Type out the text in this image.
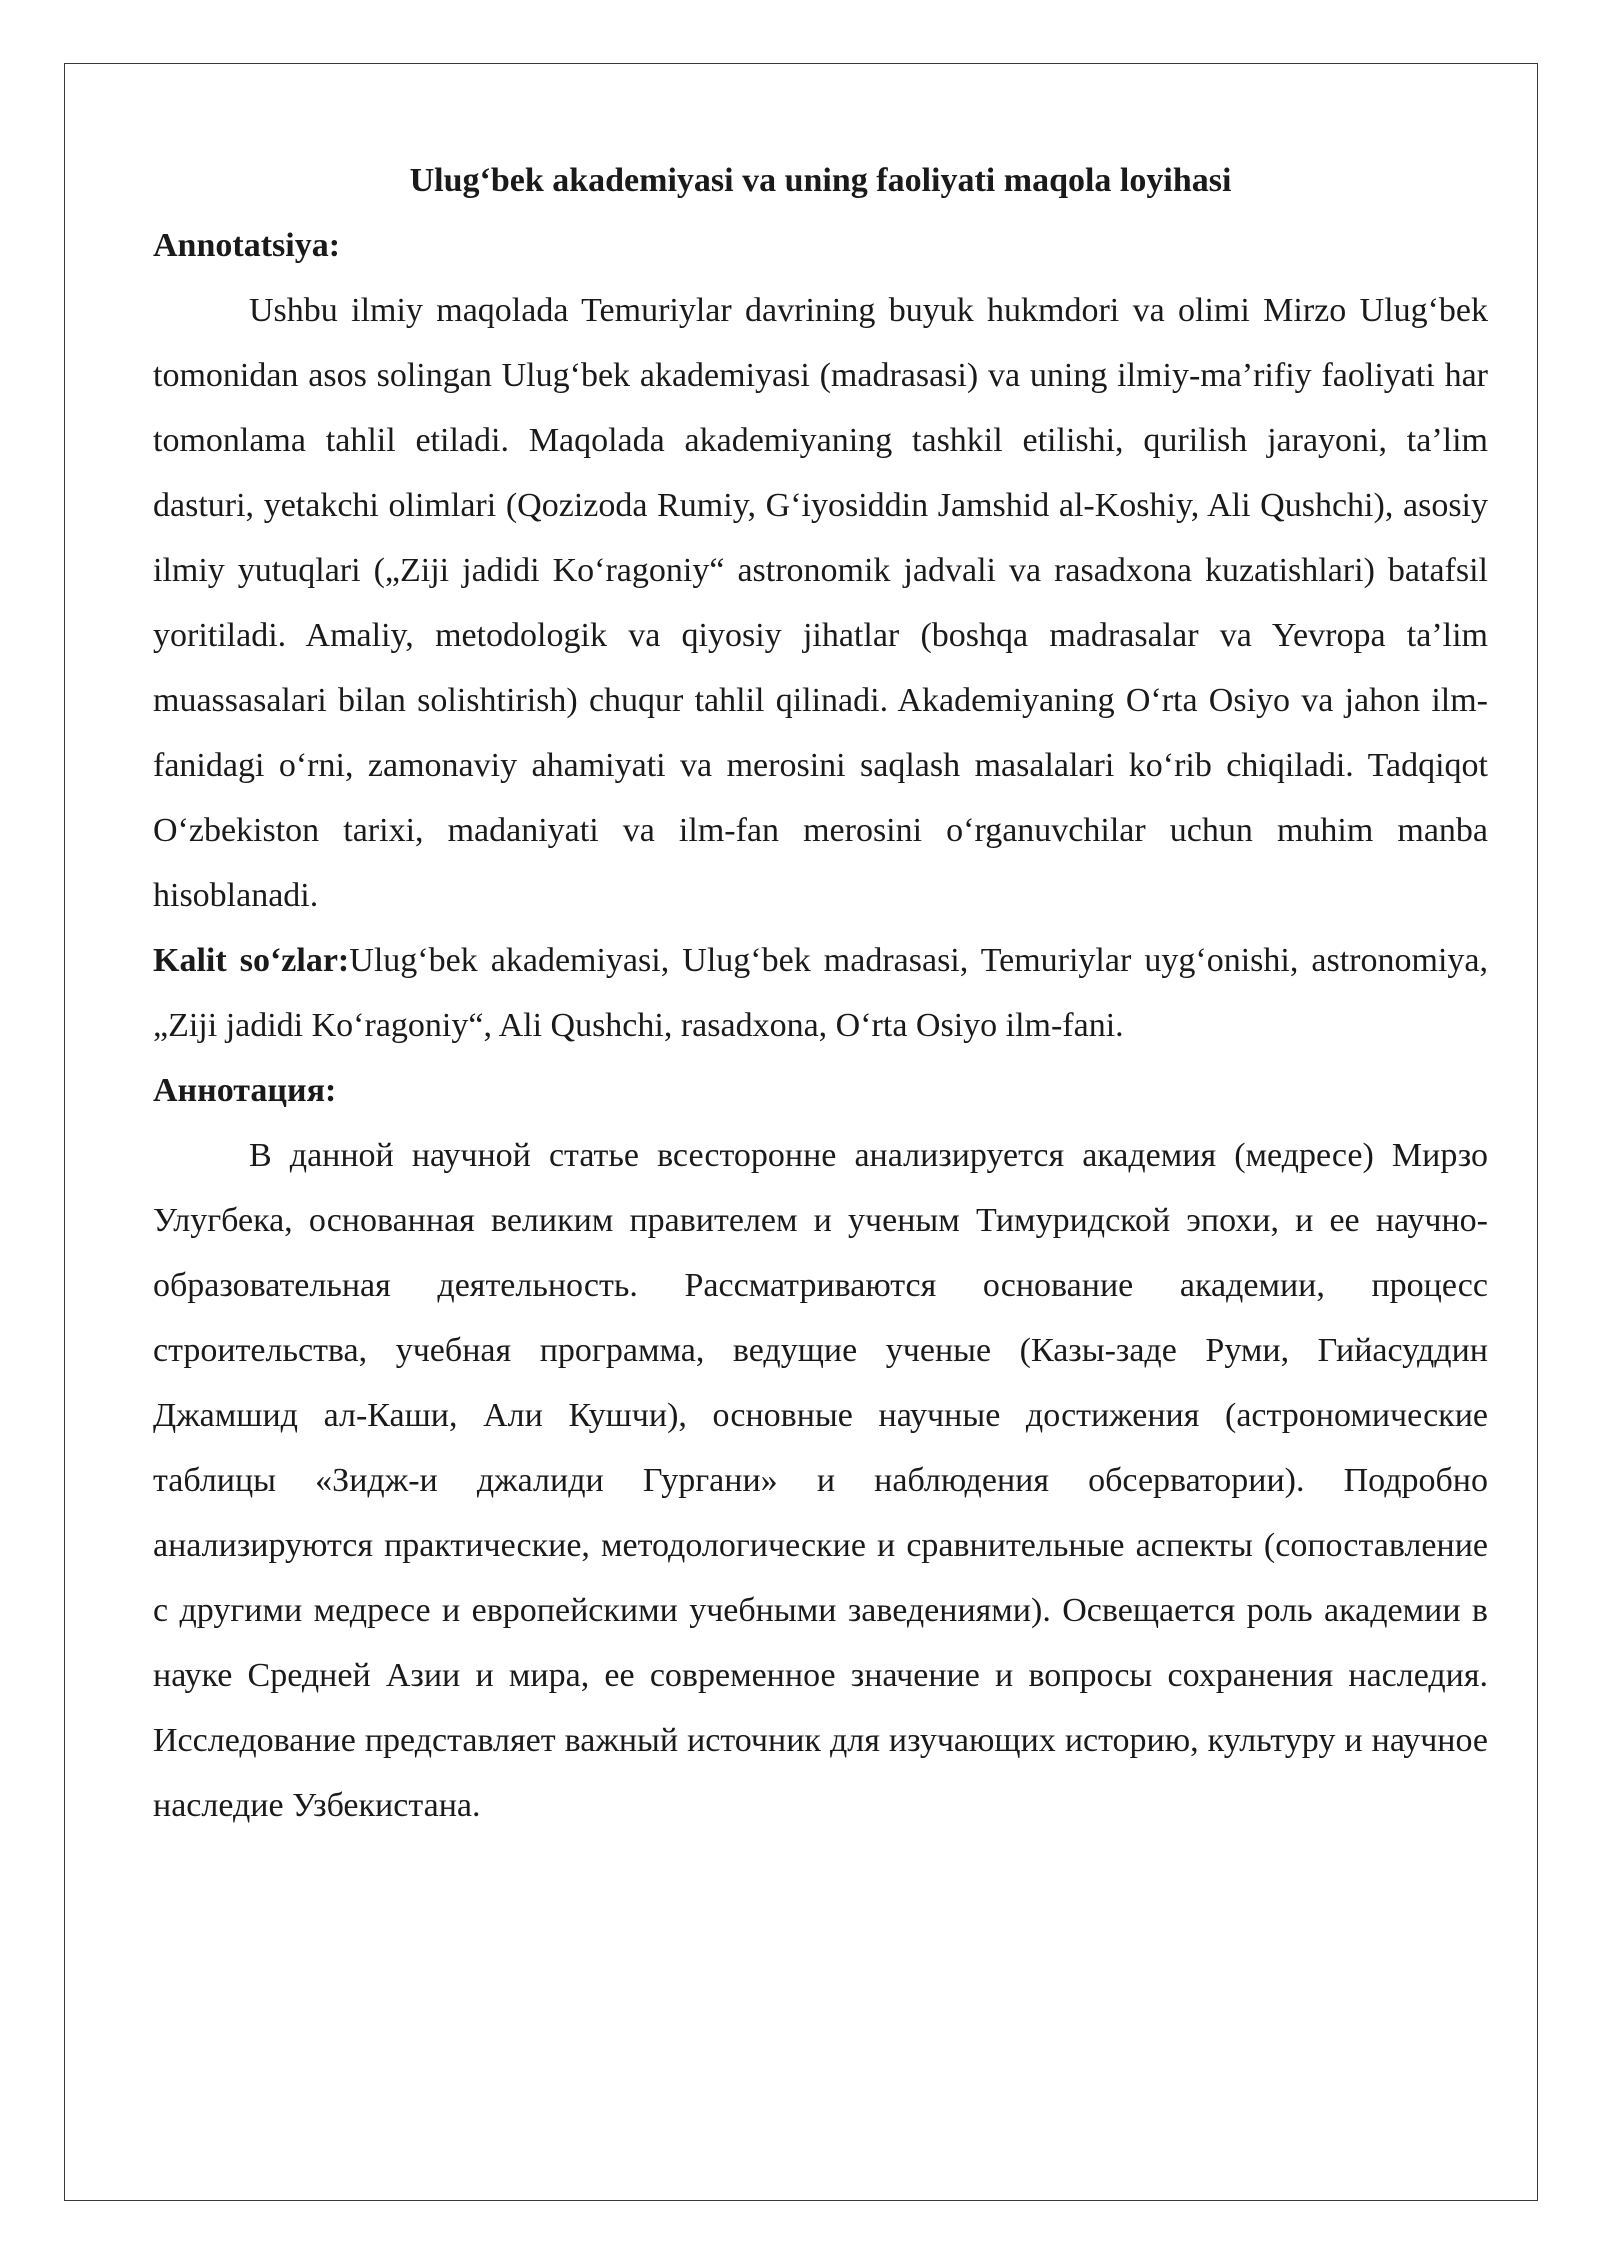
Ulug‘bek akademiyasi va uning faoliyati maqola loyihasi

Annotatsiya:

Ushbu ilmiy maqolada Temuriylar davrining buyuk hukmdori va olimi Mirzo Ulug‘bek tomonidan asos solingan Ulug‘bek akademiyasi (madrasasi) va uning ilmiy-ma’rifiy faoliyati har tomonlama tahlil etiladi. Maqolada akademiyaning tashkil etilishi, qurilish jarayoni, ta’lim dasturi, yetakchi olimlari (Qozizoda Rumiy, G‘iyosiddin Jamshid al-Koshiy, Ali Qushchi), asosiy ilmiy yutuqlari („Ziji jadidi Ko‘ragoniy“ astronomik jadvali va rasadxona kuzatishlari) batafsil yoritiladi. Amaliy, metodologik va qiyosiy jihatlar (boshqa madrasalar va Yevropa ta’lim muassasalari bilan solishtirish) chuqur tahlil qilinadi. Akademiyaning O‘rta Osiyo va jahon ilm-fanidagi o‘rni, zamonaviy ahamiyati va merosini saqlash masalalari ko‘rib chiqiladi. Tadqiqot O‘zbekiston tarixi, madaniyati va ilm-fan merosini o‘rganuvchilar uchun muhim manba hisoblanadi.

Kalit so‘zlar:Ulug‘bek akademiyasi, Ulug‘bek madrasasi, Temuriylar uyg‘onishi, astronomiya, „Ziji jadidi Ko‘ragoniy“, Ali Qushchi, rasadxona, O‘rta Osiyo ilm-fani.

Аннотация:

В данной научной статье всесторонне анализируется академия (медресе) Мирзо Улугбека, основанная великим правителем и ученым Тимуридской эпохи, и ее научно-образовательная деятельность. Рассматриваются основание академии, процесс строительства, учебная программа, ведущие ученые (Казы-заде Руми, Гийасуддин Джамшид ал-Каши, Али Кушчи), основные научные достижения (астрономические таблицы «Зидж-и джалиди Гургани» и наблюдения обсерватории). Подробно анализируются практические, методологические и сравнительные аспекты (сопоставление с другими медресе и европейскими учебными заведениями). Освещается роль академии в науке Средней Азии и мира, ее современное значение и вопросы сохранения наследия. Исследование представляет важный источник для изучающих историю, культуру и научное наследие Узбекистана.
